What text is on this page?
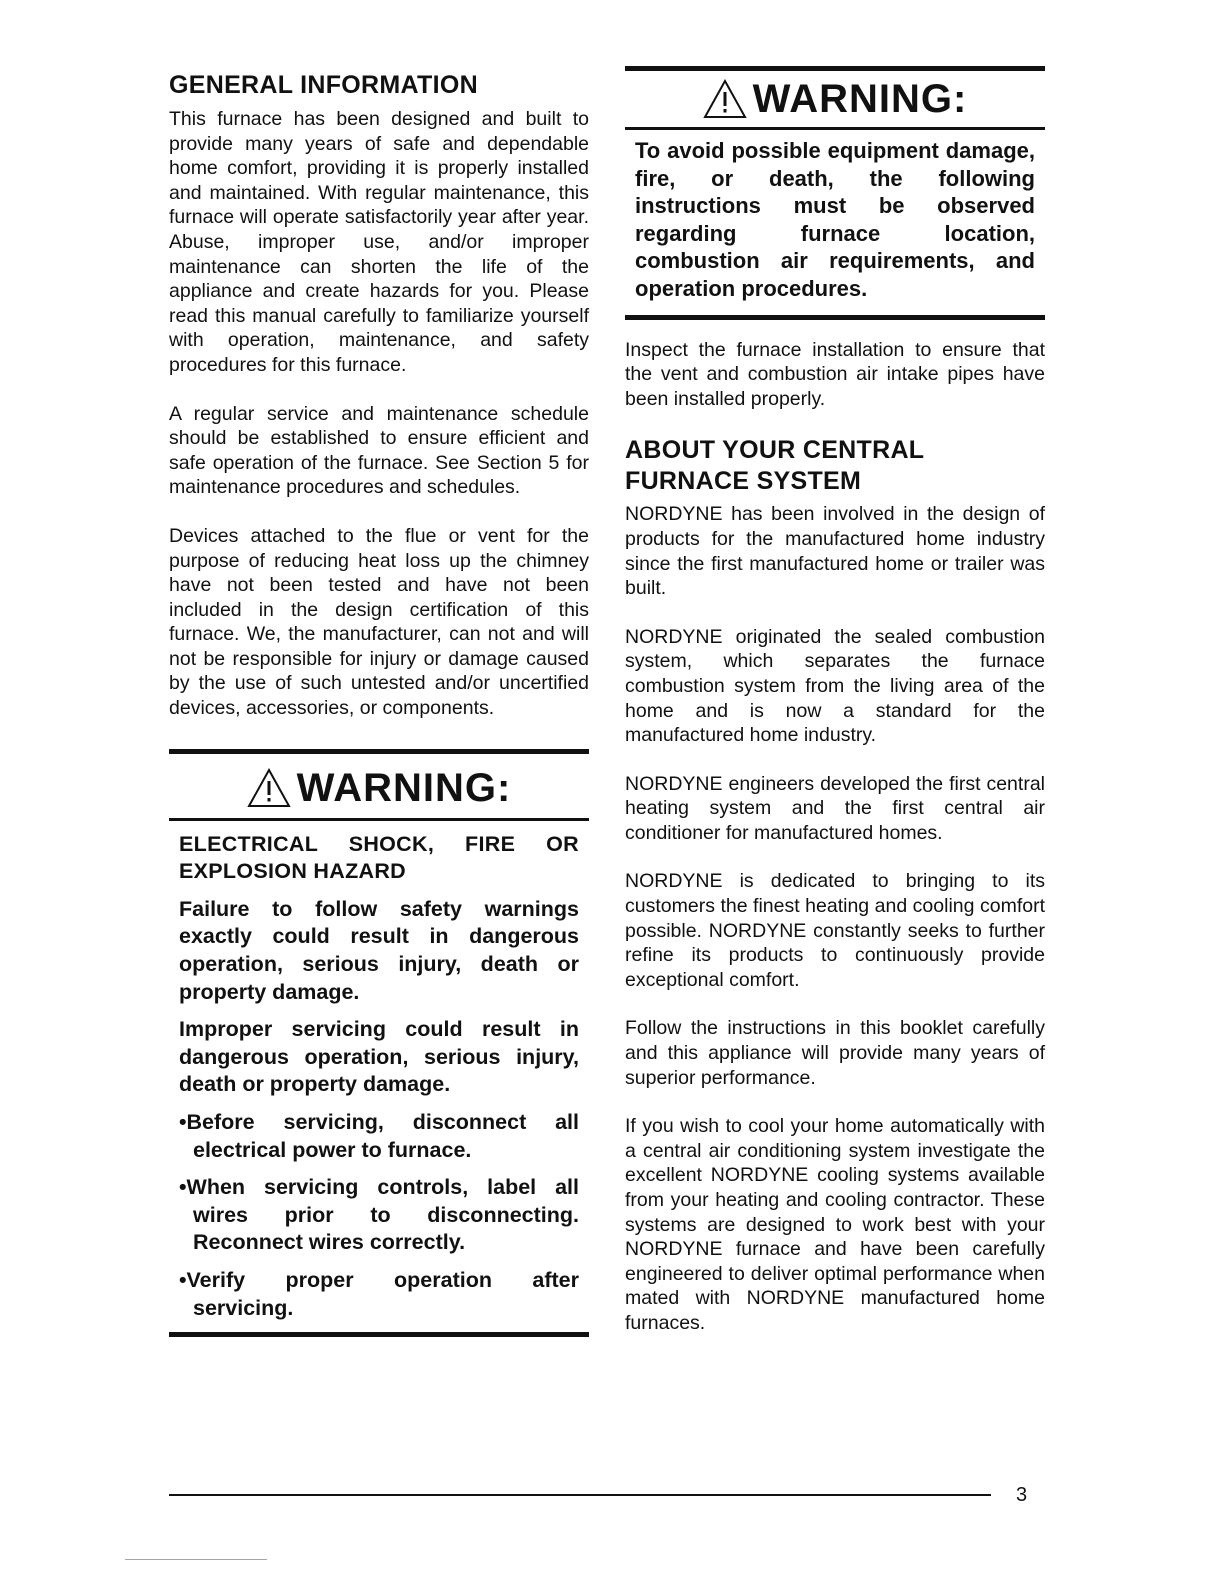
GENERAL INFORMATION

This furnace has been designed and built to provide many years of safe and dependable home comfort, providing it is properly installed and maintained. With regular maintenance, this furnace will operate satisfactorily year after year. Abuse, improper use, and/or improper maintenance can shorten the life of the appliance and create hazards for you. Please read this manual carefully to familiarize yourself with operation, maintenance, and safety procedures for this furnace.

A regular service and maintenance schedule should be established to ensure efficient and safe operation of the furnace. See Section 5 for maintenance procedures and schedules.

Devices attached to the flue or vent for the purpose of reducing heat loss up the chimney have not been tested and have not been included in the design certification of this furnace. We, the manufacturer, can not and will not be responsible for injury or damage caused by the use of such untested and/or uncertified devices, accessories, or components.

WARNING:

ELECTRICAL SHOCK, FIRE OR EXPLOSION HAZARD

Failure to follow safety warnings exactly could result in dangerous operation, serious injury, death or property damage.

Improper servicing could result in dangerous operation, serious injury, death or property damage.

•Before servicing, disconnect all electrical power to furnace.

•When servicing controls, label all wires prior to disconnecting. Reconnect wires correctly.

•Verify proper operation after servicing.

WARNING:

To avoid possible equipment damage, fire, or death, the following instructions must be observed regarding furnace location, combustion air requirements, and operation procedures.

Inspect the furnace installation to ensure that the vent and combustion air intake pipes have been installed properly.

ABOUT YOUR CENTRAL
FURNACE SYSTEM

NORDYNE has been involved in the design of products for the manufactured home industry since the first manufactured home or trailer was built.

NORDYNE originated the sealed combustion system, which separates the furnace combustion system from the living area of the home and is now a standard for the manufactured home industry.

NORDYNE engineers developed the first central heating system and the first central air conditioner for manufactured homes.

NORDYNE is dedicated to bringing to its customers the finest heating and cooling comfort possible. NORDYNE constantly seeks to further refine its products to continuously provide exceptional comfort.

Follow the instructions in this booklet carefully and this appliance will provide many years of superior performance.

If you wish to cool your home automatically with a central air conditioning system investigate the excellent NORDYNE cooling systems available from your heating and cooling contractor. These systems are designed to work best with your NORDYNE furnace and have been carefully engineered to deliver optimal performance when mated with NORDYNE manufactured home furnaces.

3
